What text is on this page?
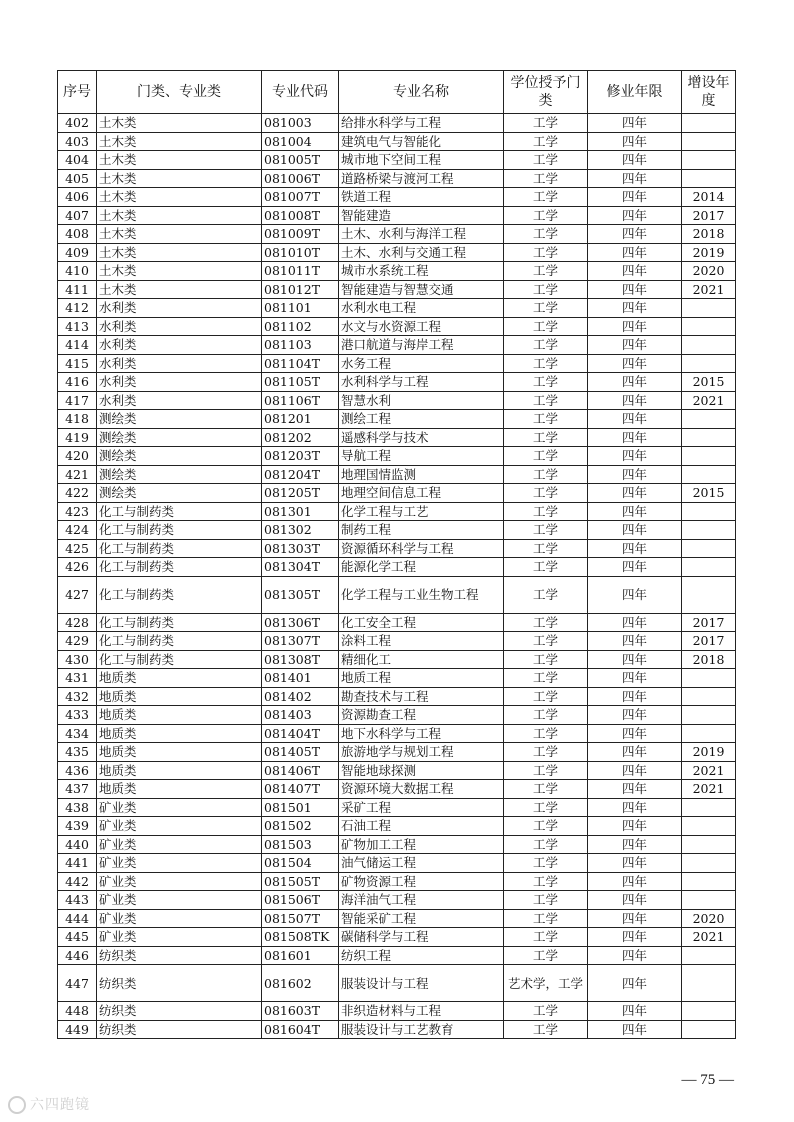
序号	门类、专业类	专业代码	专业名称	学位授予门类	修业年限	增设年度
402	土木类	081003	给排水科学与工程	工学	四年	
403	土木类	081004	建筑电气与智能化	工学	四年	
404	土木类	081005T	城市地下空间工程	工学	四年	
405	土木类	081006T	道路桥梁与渡河工程	工学	四年	
406	土木类	081007T	铁道工程	工学	四年	2014
407	土木类	081008T	智能建造	工学	四年	2017
408	土木类	081009T	土木、水利与海洋工程	工学	四年	2018
409	土木类	081010T	土木、水利与交通工程	工学	四年	2019
410	土木类	081011T	城市水系统工程	工学	四年	2020
411	土木类	081012T	智能建造与智慧交通	工学	四年	2021
412	水利类	081101	水利水电工程	工学	四年	
413	水利类	081102	水文与水资源工程	工学	四年	
414	水利类	081103	港口航道与海岸工程	工学	四年	
415	水利类	081104T	水务工程	工学	四年	
416	水利类	081105T	水利科学与工程	工学	四年	2015
417	水利类	081106T	智慧水利	工学	四年	2021
418	测绘类	081201	测绘工程	工学	四年	
419	测绘类	081202	遥感科学与技术	工学	四年	
420	测绘类	081203T	导航工程	工学	四年	
421	测绘类	081204T	地理国情监测	工学	四年	
422	测绘类	081205T	地理空间信息工程	工学	四年	2015
423	化工与制药类	081301	化学工程与工艺	工学	四年	
424	化工与制药类	081302	制药工程	工学	四年	
425	化工与制药类	081303T	资源循环科学与工程	工学	四年	
426	化工与制药类	081304T	能源化学工程	工学	四年	
427	化工与制药类	081305T	化学工程与工业生物工程	工学	四年	
428	化工与制药类	081306T	化工安全工程	工学	四年	2017
429	化工与制药类	081307T	涂料工程	工学	四年	2017
430	化工与制药类	081308T	精细化工	工学	四年	2018
431	地质类	081401	地质工程	工学	四年	
432	地质类	081402	勘查技术与工程	工学	四年	
433	地质类	081403	资源勘查工程	工学	四年	
434	地质类	081404T	地下水科学与工程	工学	四年	
435	地质类	081405T	旅游地学与规划工程	工学	四年	2019
436	地质类	081406T	智能地球探测	工学	四年	2021
437	地质类	081407T	资源环境大数据工程	工学	四年	2021
438	矿业类	081501	采矿工程	工学	四年	
439	矿业类	081502	石油工程	工学	四年	
440	矿业类	081503	矿物加工工程	工学	四年	
441	矿业类	081504	油气储运工程	工学	四年	
442	矿业类	081505T	矿物资源工程	工学	四年	
443	矿业类	081506T	海洋油气工程	工学	四年	
444	矿业类	081507T	智能采矿工程	工学	四年	2020
445	矿业类	081508TK	碳储科学与工程	工学	四年	2021
446	纺织类	081601	纺织工程	工学	四年	
447	纺织类	081602	服装设计与工程	艺术学，工学	四年	
448	纺织类	081603T	非织造材料与工程	工学	四年	
449	纺织类	081604T	服装设计与工艺教育	工学	四年	
— 75 —
六四跑镜
